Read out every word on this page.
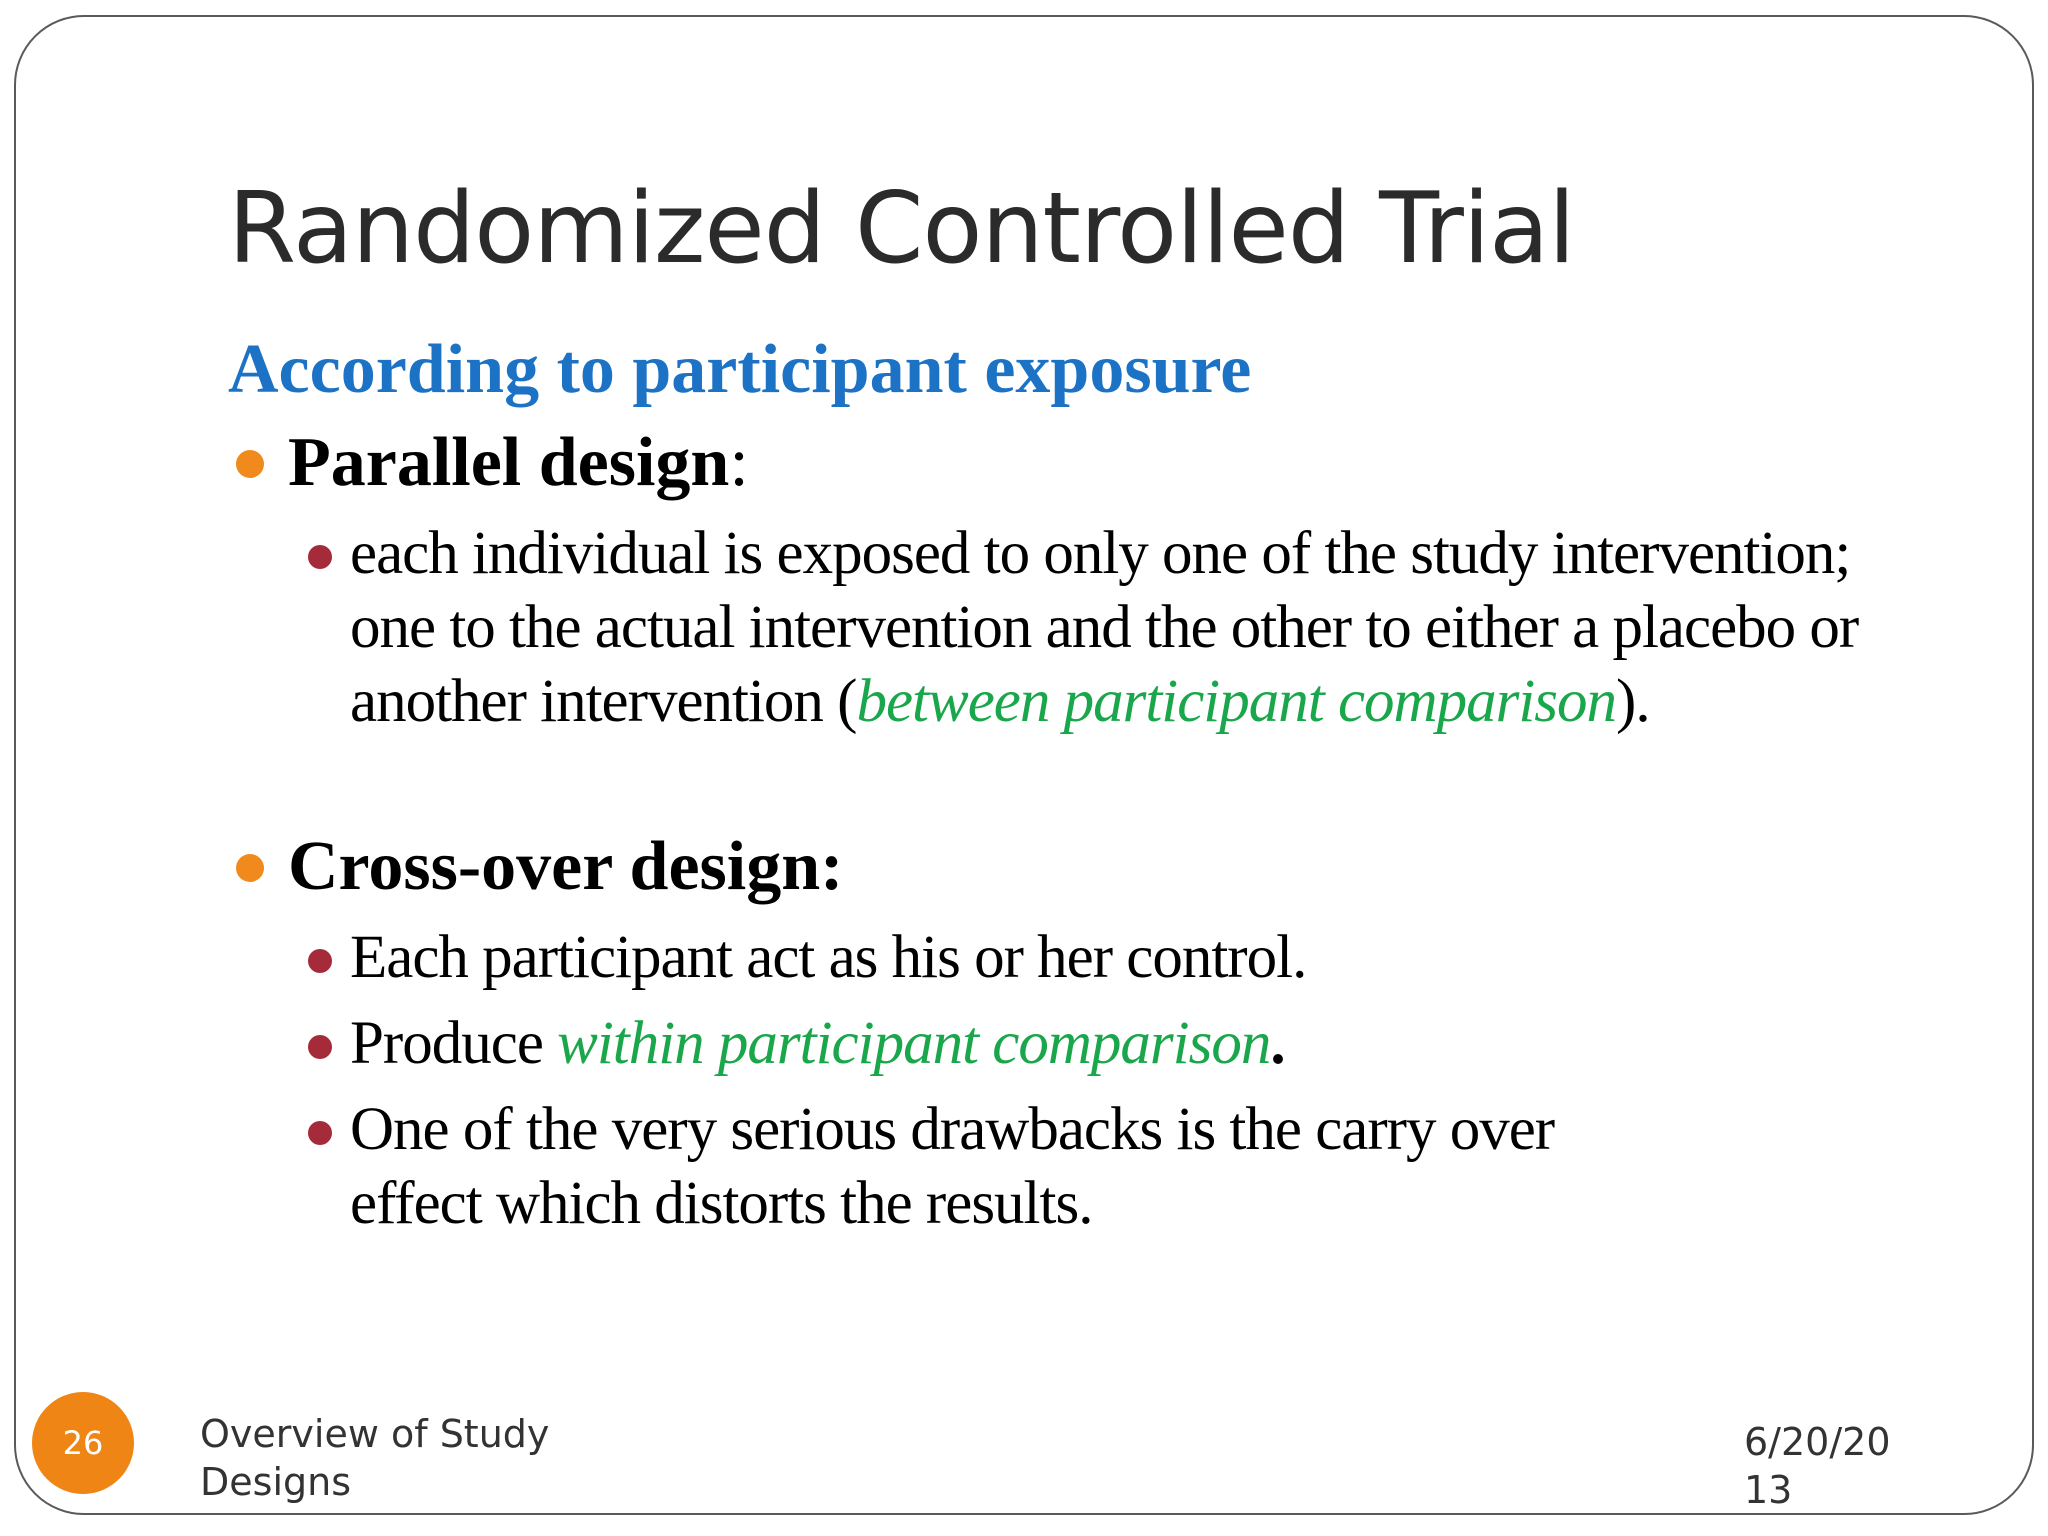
Randomized Controlled Trial
According to participant exposure
Parallel design:
each individual is exposed to only one of the study intervention; one to the actual intervention and the other to either a placebo or another intervention (between participant comparison).
Cross-over design:
Each participant act as his or her control.
Produce within participant comparison.
One of the very serious drawbacks is the carry over effect which distorts the results.
26	Overview of Study Designs
6/20/2013
